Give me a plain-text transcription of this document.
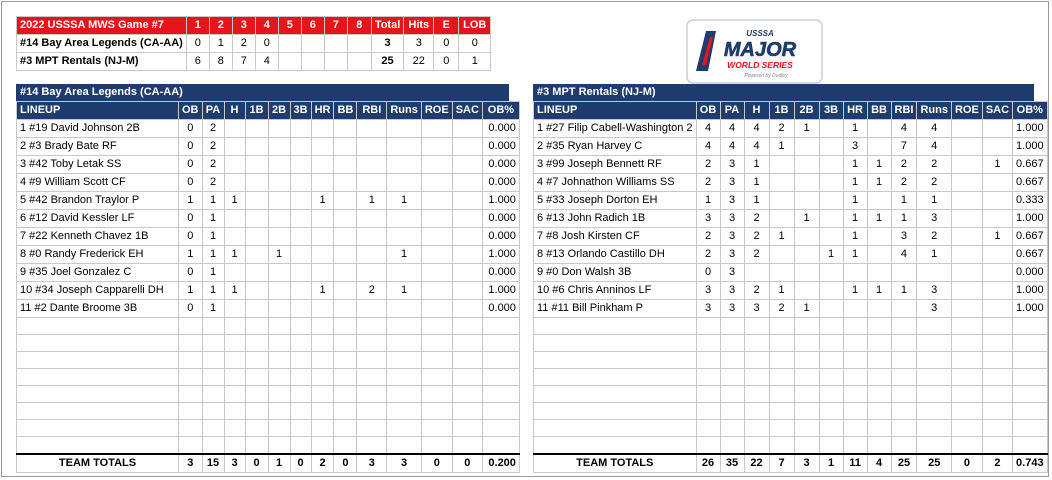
2022 USSSA MWS Game #7	1	2	3	4	5	6	7	8	Total	Hits	E	LOB
#14 Bay Area Legends (CA-AA)	0	1	2	0					3	3	0	0
#3 MPT Rentals (NJ-M)	6	8	7	4					25	22	0	1
USSSA
MAJOR
WORLD SERIES
Powered by Dudley
#14 Bay Area Legends (CA-AA)
LINEUP	OB	PA	H	1B	2B	3B	HR	BB	RBI	Runs	ROE	SAC	OB%
1 #19 David Johnson 2B	0	2											0.000
2 #3 Brady Bate RF	0	2											0.000
3 #42 Toby Letak SS	0	2											0.000
4 #9 William Scott CF	0	2											0.000
5 #42 Brandon Traylor P	1	1	1				1		1	1			1.000
6 #12 David Kessler LF	0	1											0.000
7 #22 Kenneth Chavez 1B	0	1											0.000
8 #0 Randy Frederick EH	1	1	1		1					1			1.000
9 #35 Joel Gonzalez C	0	1											0.000
10 #34 Joseph Capparelli DH	1	1	1				1		2	1			1.000
11 #2 Dante Broome 3B	0	1											0.000

TEAM TOTALS	3	15	3	0	1	0	2	0	3	3	0	0	0.200
#3 MPT Rentals (NJ-M)
LINEUP	OB	PA	H	1B	2B	3B	HR	BB	RBI	Runs	ROE	SAC	OB%
1 #27 Filip Cabell-Washington 2	4	4	4	2	1		1		4	4			1.000
2 #35 Ryan Harvey C	4	4	4	1			3		7	4			1.000
3 #99 Joseph Bennett RF	2	3	1				1	1	2	2		1	0.667
4 #7 Johnathon Williams SS	2	3	1				1	1	2	2			0.667
5 #33 Joseph Dorton EH	1	3	1				1		1	1			0.333
6 #13 John Radich 1B	3	3	2		1		1	1	1	3			1.000
7 #8 Josh Kirsten CF	2	3	2	1			1		3	2		1	0.667
8 #13 Orlando Castillo DH	2	3	2			1	1		4	1			0.667
9 #0 Don Walsh 3B	0	3											0.000
10 #6 Chris Anninos LF	3	3	2	1			1	1	1	3			1.000
11 #11 Bill Pinkham P	3	3	3	2	1					3			1.000

TEAM TOTALS	26	35	22	7	3	1	11	4	25	25	0	2	0.743
